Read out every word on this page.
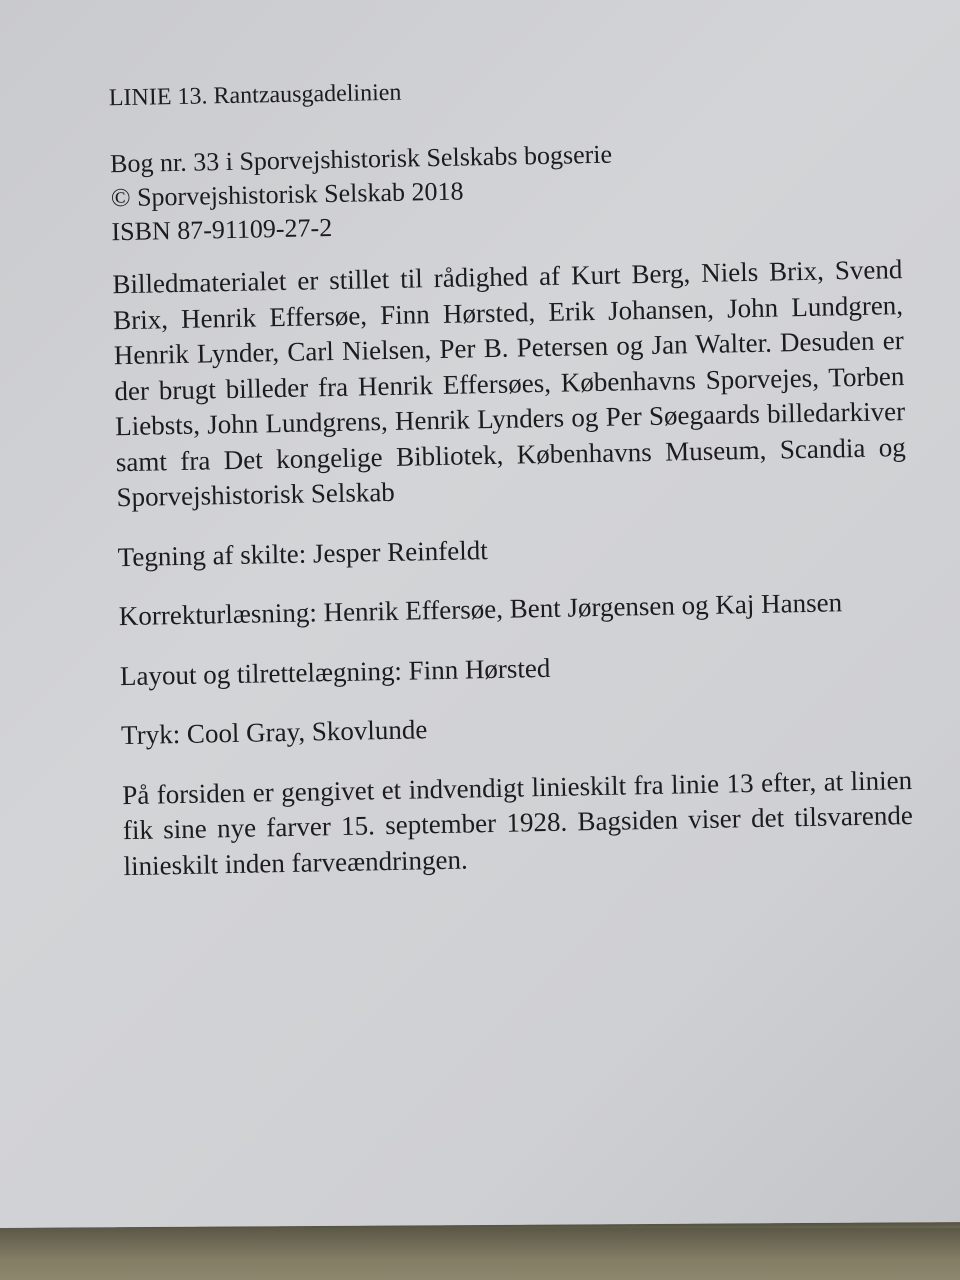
LINIE 13. Rantzausgadelinien
Bog nr. 33 i Sporvejshistorisk Selskabs bogserie
© Sporvejshistorisk Selskab 2018
ISBN 87-91109-27-2
Billedmaterialet er stillet til rådighed af Kurt Berg, Niels Brix, Svend Brix, Henrik Effersøe, Finn Hørsted, Erik Johansen, John Lundgren, Henrik Lynder, Carl Nielsen, Per B. Petersen og Jan Walter. Desuden er der brugt billeder fra Henrik Effersøes, Københavns Sporvejes, Torben Liebsts, John Lundgrens, Henrik Lynders og Per Søegaards billedarkiver samt fra Det kongelige Bibliotek, Københavns Museum, Scandia og Sporvejshistorisk Selskab
Tegning af skilte: Jesper Reinfeldt
Korrekturlæsning: Henrik Effersøe, Bent Jørgensen og Kaj Hansen
Layout og tilrettelægning: Finn Hørsted
Tryk: Cool Gray, Skovlunde
På forsiden er gengivet et indvendigt linieskilt fra linie 13 efter, at linien fik sine nye farver 15. september 1928. Bagsiden viser det tilsvarende linieskilt inden farveændringen.
